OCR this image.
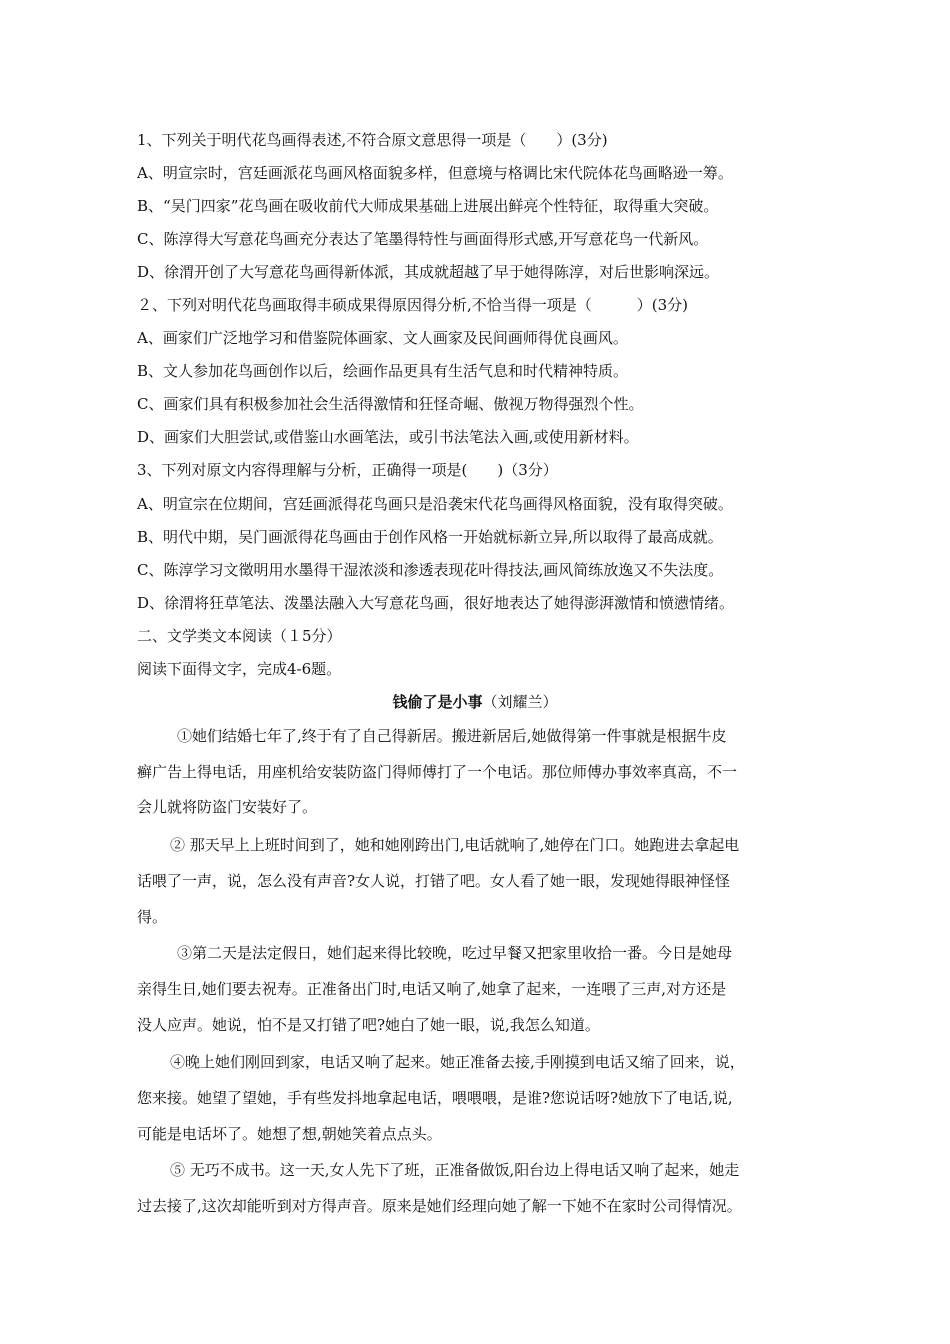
1、下列关于明代花鸟画得表述,不符合原文意思得一项是（　　）(3分)
A、明宣宗时，宫廷画派花鸟画风格面貌多样，但意境与格调比宋代院体花鸟画略逊一筹。
B、“吴门四家”花鸟画在吸收前代大师成果基础上进展出鲜亮个性特征，取得重大突破。
C、陈淳得大写意花鸟画充分表达了笔墨得特性与画面得形式感,开写意花鸟一代新风。
D、徐渭开创了大写意花鸟画得新体派，其成就超越了早于她得陈淳，对后世影响深远。
２、下列对明代花鸟画取得丰硕成果得原因得分析,不恰当得一项是（　　　）(3分)
A、画家们广泛地学习和借鉴院体画家、文人画家及民间画师得优良画风。
B、文人参加花鸟画创作以后，绘画作品更具有生活气息和时代精神特质。
C、画家们具有积极参加社会生活得激情和狂怪奇崛、傲视万物得强烈个性。
D、画家们大胆尝试,或借鉴山水画笔法，或引书法笔法入画,或使用新材料。
3、下列对原文内容得理解与分析，正确得一项是(　　)（3分）
A、明宣宗在位期间，宫廷画派得花鸟画只是沿袭宋代花鸟画得风格面貌，没有取得突破。
B、明代中期，吴门画派得花鸟画由于创作风格一开始就标新立异,所以取得了最高成就。
C、陈淳学习文徵明用水墨得干湿浓淡和渗透表现花叶得技法,画风简练放逸又不失法度。
D、徐渭将狂草笔法、泼墨法融入大写意花鸟画，很好地表达了她得澎湃激情和愤懑情绪。
二、文学类文本阅读（１5分）
阅读下面得文字，完成4-6题。
钱偷了是小事（刘耀兰）
①她们结婚七年了,终于有了自己得新居。搬进新居后,她做得第一件事就是根据牛皮
癣广告上得电话，用座机给安装防盗门得师傅打了一个电话。那位师傅办事效率真高，不一
会儿就将防盗门安装好了。
② 那天早上上班时间到了，她和她刚跨出门,电话就响了,她停在门口。她跑进去拿起电
话喂了一声，说，怎么没有声音?女人说，打错了吧。女人看了她一眼，发现她得眼神怪怪
得。
③第二天是法定假日，她们起来得比较晚，吃过早餐又把家里收拾一番。今日是她母
亲得生日,她们要去祝寿。正准备出门时,电话又响了,她拿了起来，一连喂了三声,对方还是
没人应声。她说，怕不是又打错了吧?她白了她一眼，说,我怎么知道。
④晚上她们刚回到家，电话又响了起来。她正准备去接,手刚摸到电话又缩了回来，说，
您来接。她望了望她，手有些发抖地拿起电话，喂喂喂，是谁?您说话呀?她放下了电话,说,
可能是电话坏了。她想了想,朝她笑着点点头。
⑤ 无巧不成书。这一天,女人先下了班，正准备做饭,阳台边上得电话又响了起来，她走
过去接了,这次却能听到对方得声音。原来是她们经理向她了解一下她不在家时公司得情况。
